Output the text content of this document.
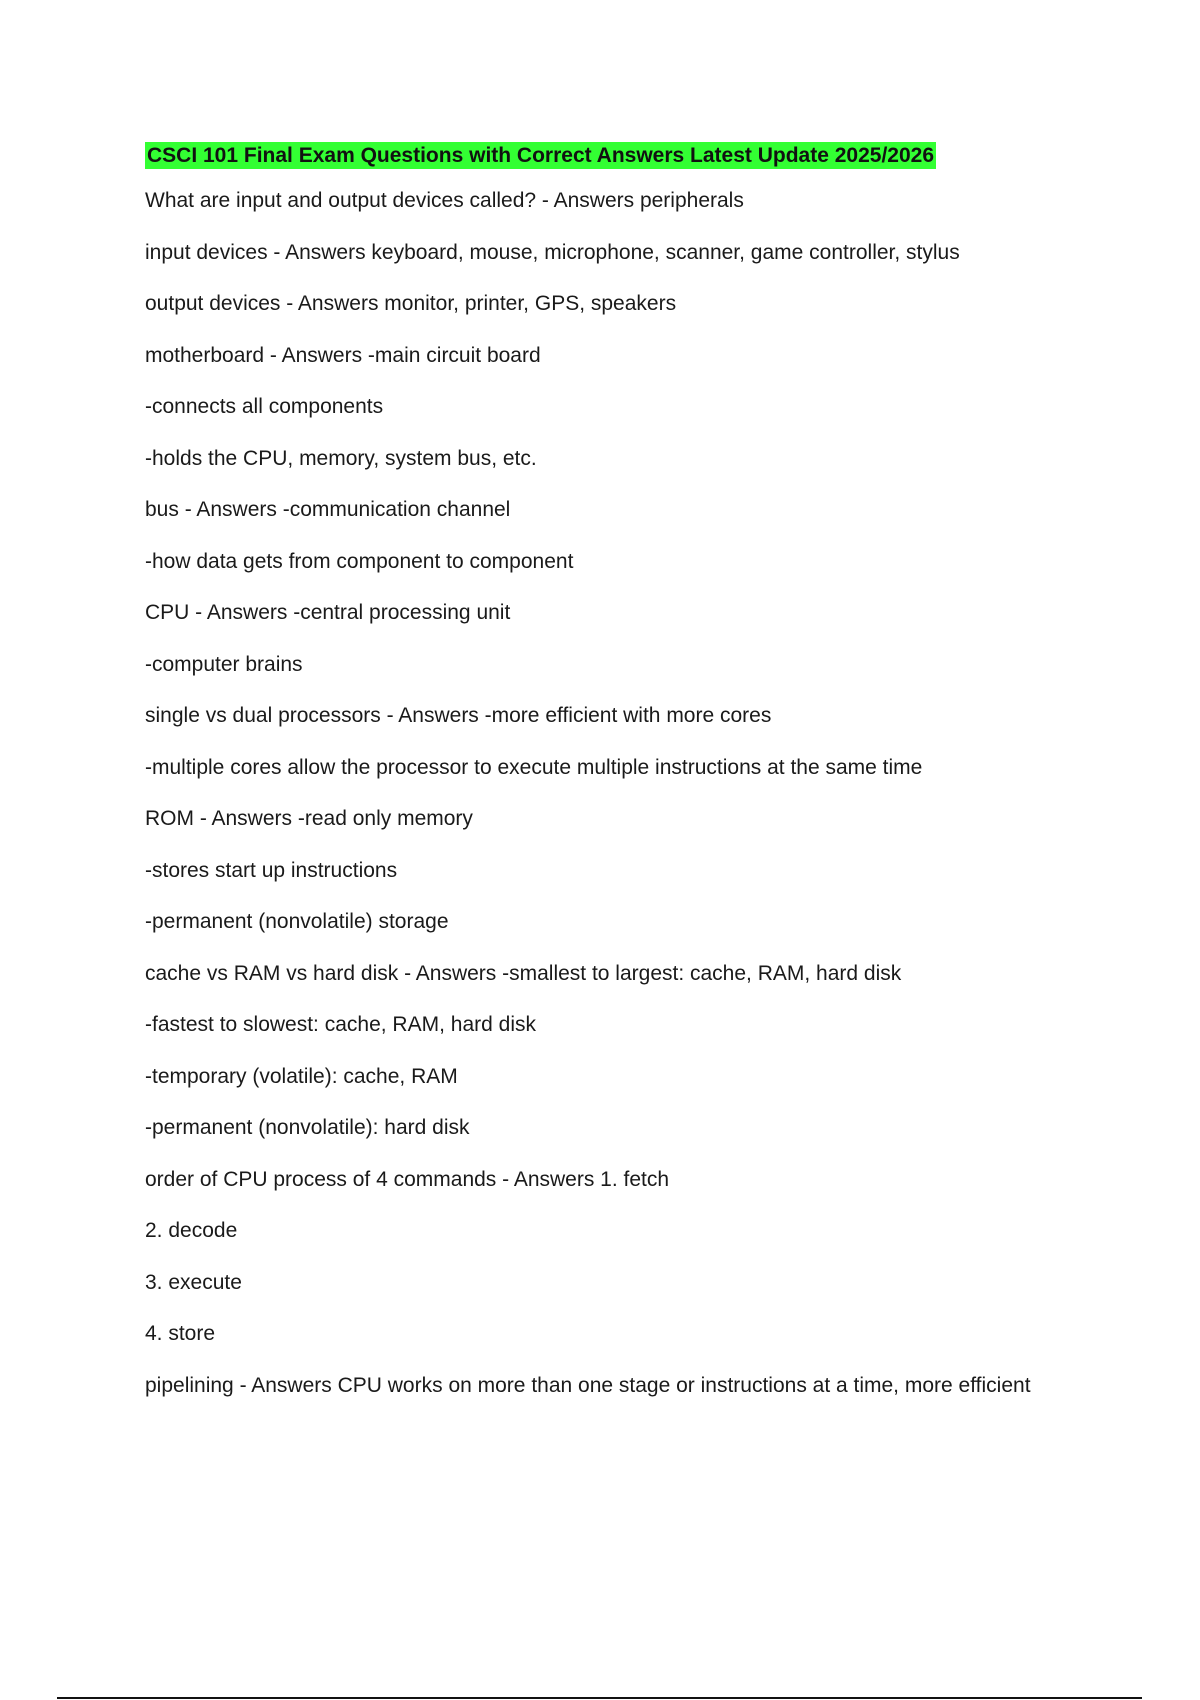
CSCI 101 Final Exam Questions with Correct Answers Latest Update 2025/2026
What are input and output devices called? - Answers peripherals
input devices - Answers keyboard, mouse, microphone, scanner, game controller, stylus
output devices - Answers monitor, printer, GPS, speakers
motherboard - Answers -main circuit board
-connects all components
-holds the CPU, memory, system bus, etc.
bus - Answers -communication channel
-how data gets from component to component
CPU - Answers -central processing unit
-computer brains
single vs dual processors - Answers -more efficient with more cores
-multiple cores allow the processor to execute multiple instructions at the same time
ROM - Answers -read only memory
-stores start up instructions
-permanent (nonvolatile) storage
cache vs RAM vs hard disk - Answers -smallest to largest: cache, RAM, hard disk
-fastest to slowest: cache, RAM, hard disk
-temporary (volatile): cache, RAM
-permanent (nonvolatile): hard disk
order of CPU process of 4 commands - Answers 1. fetch
2. decode
3. execute
4. store
pipelining - Answers CPU works on more than one stage or instructions at a time, more efficient
